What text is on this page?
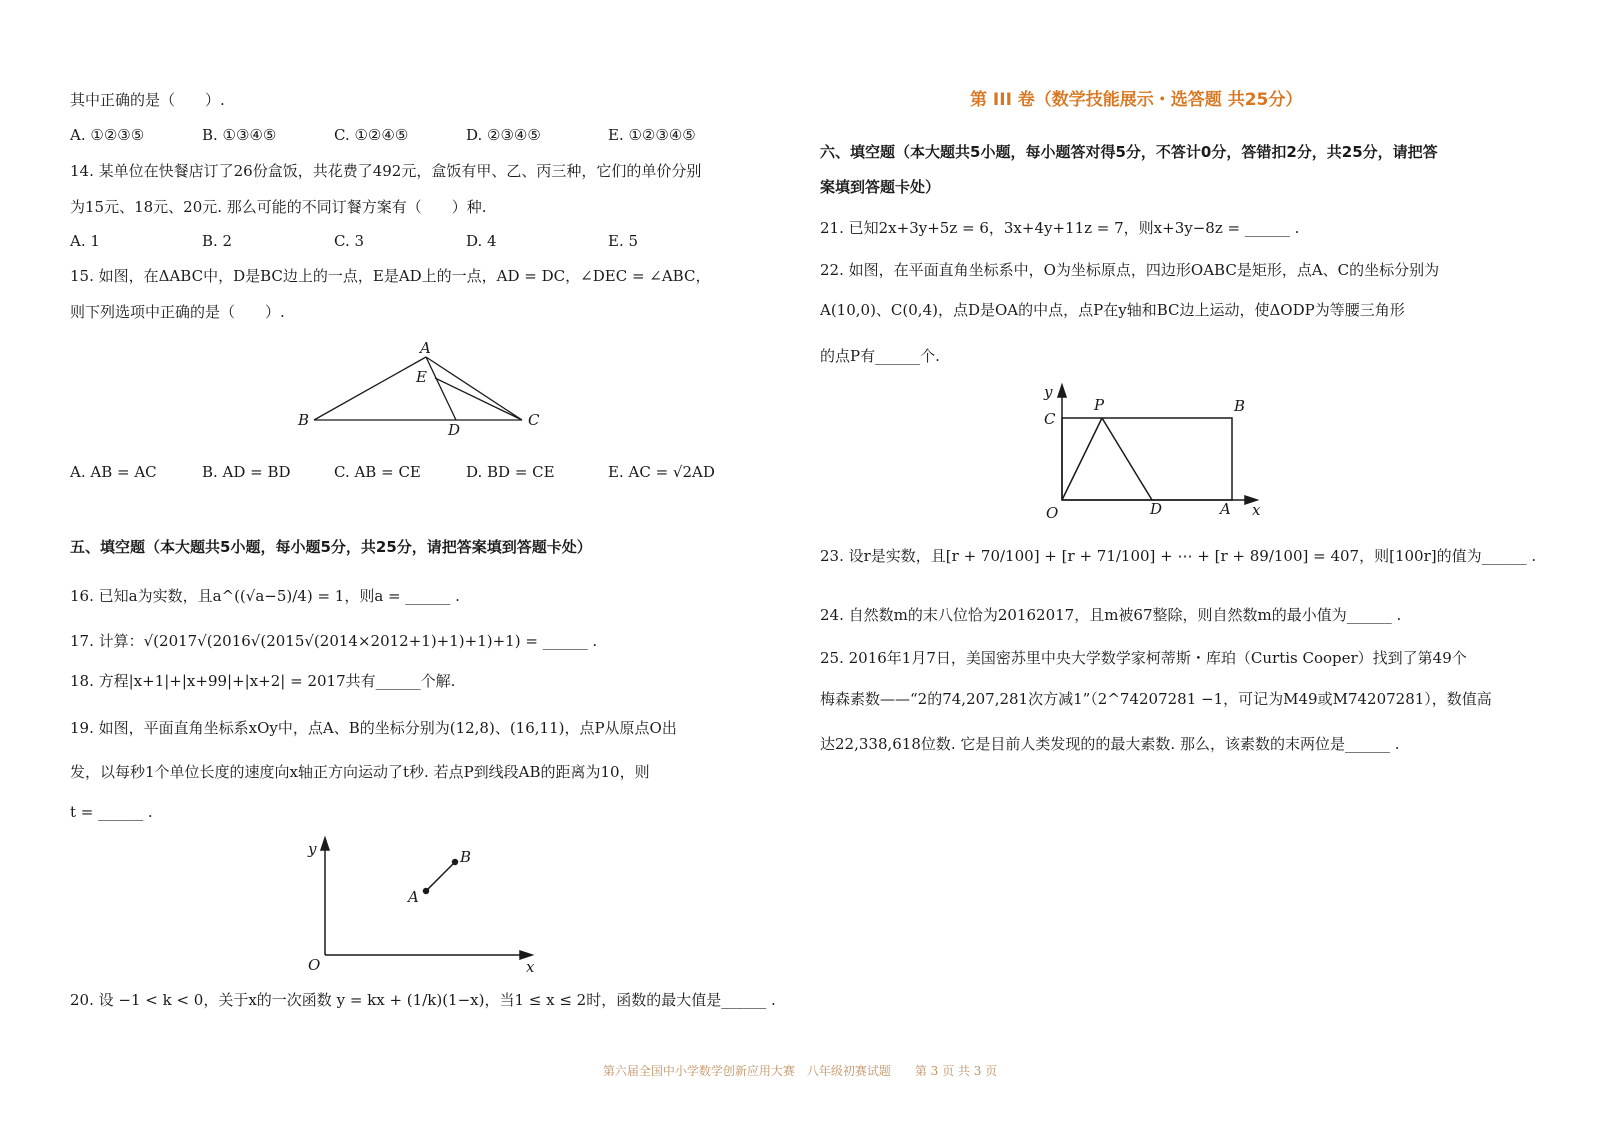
其中正确的是（　　）.
A. ①②③⑤	B. ①③④⑤	C. ①②④⑤	D. ②③④⑤	E. ①②③④⑤
14. 某单位在快餐店订了26份盒饭，共花费了492元，盒饭有甲、乙、丙三种，它们的单价分别
为15元、18元、20元. 那么可能的不同订餐方案有（　　）种.
A. 1	B. 2	C. 3	D. 4	E. 5
15. 如图，在ΔABC中，D是BC边上的一点，E是AD上的一点，AD = DC，∠DEC = ∠ABC，
则下列选项中正确的是（　　）.
A
E
B
D
C
A. AB = AC	B. AD = BD	C. AB = CE	D. BD = CE	E. AC = √2AD
五、填空题（本大题共5小题，每小题5分，共25分，请把答案填到答题卡处）
16. 已知a为实数，且a^((√a−5)/4) = 1，则a = ______ .
17. 计算：√(2017√(2016√(2015√(2014×2012+1)+1)+1)+1) = ______ .
18. 方程|x+1|+|x+99|+|x+2| = 2017共有______个解.
19. 如图，平面直角坐标系xOy中，点A、B的坐标分别为(12,8)、(16,11)，点P从原点O出
发，以每秒1个单位长度的速度向x轴正方向运动了t秒. 若点P到线段AB的距离为10，则
t = ______ .
y
x
O
A
B
20. 设 −1 < k < 0，关于x的一次函数 y = kx + (1/k)(1−x)，当1 ≤ x ≤ 2时，函数的最大值是______ .
第 III 卷（数学技能展示・选答题 共25分）
六、填空题（本大题共5小题，每小题答对得5分，不答计0分，答错扣2分，共25分，请把答
案填到答题卡处）
21. 已知2x+3y+5z = 6，3x+4y+11z = 7，则x+3y−8z = ______ .
22. 如图，在平面直角坐标系中，O为坐标原点，四边形OABC是矩形，点A、C的坐标分别为
A(10,0)、C(0,4)，点D是OA的中点，点P在y轴和BC边上运动，使ΔODP为等腰三角形
的点P有______个.
y
x
O
C
P	B
D	A
23. 设r是实数，且[r + 70/100] + [r + 71/100] + ⋯ + [r + 89/100] = 407，则[100r]的值为______ .
24. 自然数m的末八位恰为20162017，且m被67整除，则自然数m的最小值为______ .
25. 2016年1月7日，美国密苏里中央大学数学家柯蒂斯・库珀（Curtis Cooper）找到了第49个
梅森素数——“2的74,207,281次方减1”（2^74207281 −1，可记为M49或M74207281），数值高
达22,338,618位数. 它是目前人类发现的的最大素数. 那么，该素数的末两位是______ .
第六届全国中小学数学创新应用大赛　八年级初赛试题　　第 3 页 共 3 页
